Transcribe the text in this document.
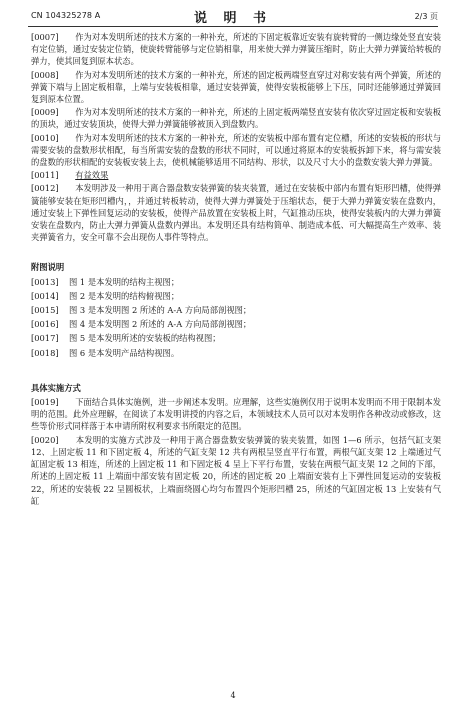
CN 104325278 A	说 明 书	2/3 页

[0007]　　作为对本发明所述的技术方案的一种补充，所述的下固定板靠近安装有旋转臂的一侧边缘处竖直安装有定位销，通过安装定位销，使旋转臂能够与定位销相靠，用来使大弹力弹簧压缩时，防止大弹力弹簧给转板的弹力，使其回复到原本状态。

[0008]　　作为对本发明所述的技术方案的一种补充，所述的固定板两端竖直穿过对称安装有两个弹簧，所述的弹簧下端与上固定板相靠，上端与安装板相靠，通过安装弹簧，使得安装板能够上下压，同时还能够通过弹簧回复到原本位置。

[0009]　　作为对本发明所述的技术方案的一种补充，所述的上固定板两端竖直安装有依次穿过固定板和安装板的顶块，通过安装顶块，使得大弹力弹簧能够被顶入到盘数内。

[0010]　　作为对本发明所述的技术方案的一种补充，所述的安装板中部布置有定位槽，所述的安装板的形状与需要安装的盘数形状相配，每当所需安装的盘数的形状不同时，可以通过将原本的安装板拆卸下来，将与需安装的盘数的形状相配的安装板安装上去，使机械能够适用不同结构、形状，以及尺寸大小的盘数安装大弹力弹簧。

[0011]　　 有益效果

[0012]　　本发明涉及一种用于离合器盘数安装弹簧的装夹装置，通过在安装板中部内布置有矩形凹槽，使得弹簧能够安装在矩形凹槽内，，并通过转板转动，使得大弹力弹簧处于压缩状态，便于大弹力弹簧安装在盘数内，通过安装上下弹性回复运动的安装板，使得产品放置在安装板上时，气缸推动压块，使得安装板内的大弹力弹簧安装在盘数内，防止大弹力弹簧从盘数内弹出。本发明还具有结构简单、制造成本低、可大幅提高生产效率、装夹弹簧省力，安全可靠不会出现伤人事件等特点。

附图说明
[0013] 图 1 是本发明的结构主视图；
[0014] 图 2 是本发明的结构俯视图；
[0015] 图 3 是本发明图 2 所述的 A-A 方向局部剖视图；
[0016] 图 4 是本发明图 2 所述的 A-A 方向局部剖视图；
[0017] 图 5 是本发明所述的安装板的结构视图；
[0018] 图 6 是本发明产品结构视图。
具体实施方式

[0019]　　下面结合具体实施例，进一步阐述本发明。应理解，这些实施例仅用于说明本发明而不用于限制本发明的范围。此外应理解，在阅读了本发明讲授的内容之后，本领域技术人员可以对本发明作各种改动或修改，这些等价形式同样落于本申请所附权利要求书所限定的范围。

[0020]　　本发明的实施方式涉及一种用于离合器盘数安装弹簧的装夹装置，如图 1—6 所示，包括气缸支架 12、上固定板 11 和下固定板 4，所述的气缸支架 12 共有两根呈竖直平行布置，两根气缸支架 12 上端通过气缸固定板 13 相连，所述的上固定板 11 和下固定板 4 呈上下平行布置，安装在两根气缸支架 12 之间的下部，所述的上固定板 11 上端面中部安装有固定板 20，所述的固定板 20 上端面安装有上下弹性回复运动的安装板 22，所述的安装板 22 呈圆板状，上端面绕圆心均匀布置四个矩形凹槽 25，所述的气缸固定板 13 上安装有气缸

4
